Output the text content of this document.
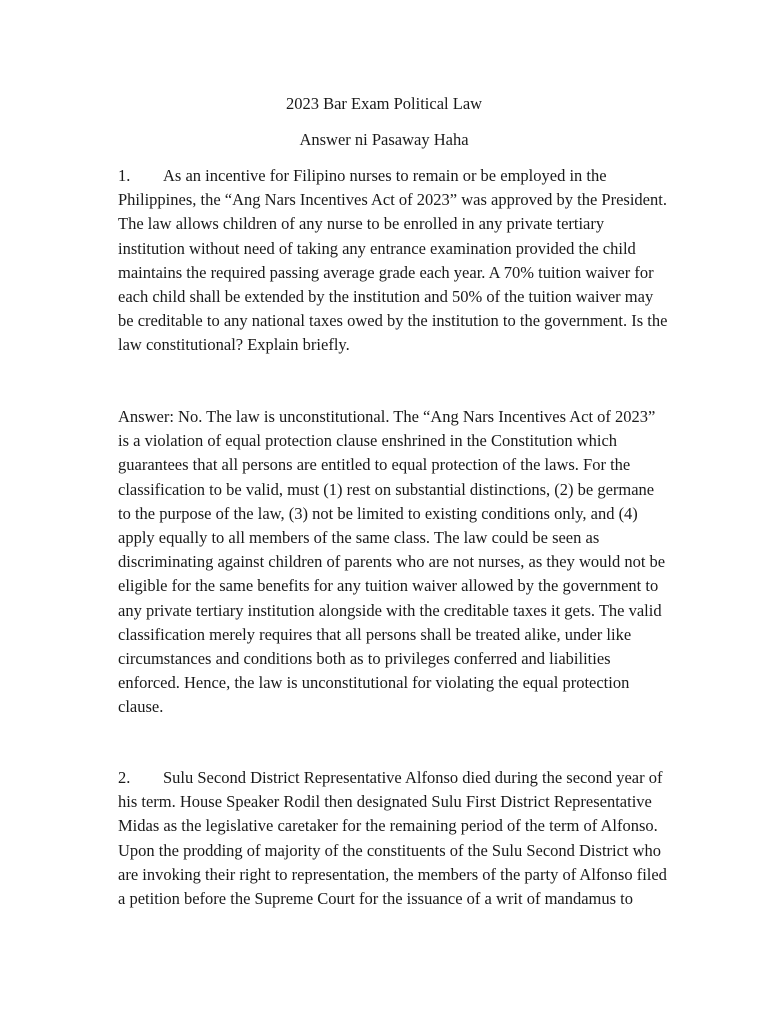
2023 Bar Exam Political Law
Answer ni Pasaway Haha
1. As an incentive for Filipino nurses to remain or be employed in the
Philippines, the “Ang Nars Incentives Act of 2023” was approved by the President.
The law allows children of any nurse to be enrolled in any private tertiary
institution without need of taking any entrance examination provided the child
maintains the required passing average grade each year. A 70% tuition waiver for
each child shall be extended by the institution and 50% of the tuition waiver may
be creditable to any national taxes owed by the institution to the government. Is the
law constitutional? Explain briefly.
Answer: No. The law is unconstitutional. The “Ang Nars Incentives Act of 2023”
is a violation of equal protection clause enshrined in the Constitution which
guarantees that all persons are entitled to equal protection of the laws. For the
classification to be valid, must (1) rest on substantial distinctions, (2) be germane
to the purpose of the law, (3) not be limited to existing conditions only, and (4)
apply equally to all members of the same class. The law could be seen as
discriminating against children of parents who are not nurses, as they would not be
eligible for the same benefits for any tuition waiver allowed by the government to
any private tertiary institution alongside with the creditable taxes it gets. The valid
classification merely requires that all persons shall be treated alike, under like
circumstances and conditions both as to privileges conferred and liabilities
enforced. Hence, the law is unconstitutional for violating the equal protection
clause.
2. Sulu Second District Representative Alfonso died during the second year of
his term. House Speaker Rodil then designated Sulu First District Representative
Midas as the legislative caretaker for the remaining period of the term of Alfonso.
Upon the prodding of majority of the constituents of the Sulu Second District who
are invoking their right to representation, the members of the party of Alfonso filed
a petition before the Supreme Court for the issuance of a writ of mandamus to
